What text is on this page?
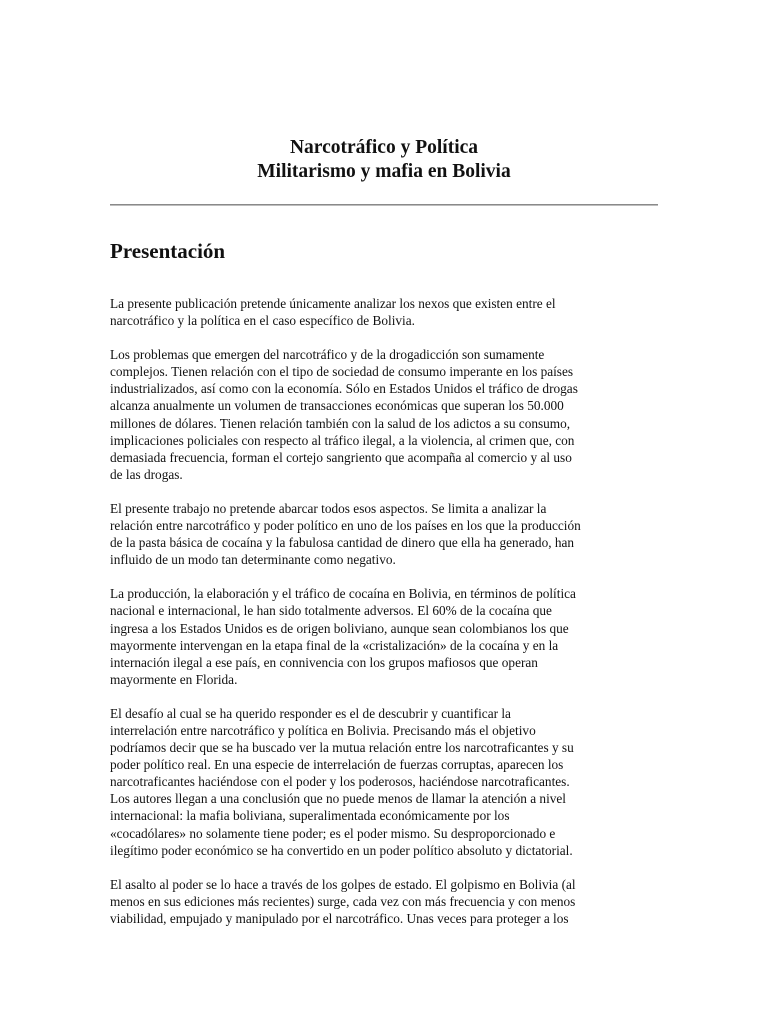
Narcotráfico y Política
Militarismo y mafia en Bolivia
Presentación

La presente publicación pretende únicamente analizar los nexos que existen entre el
narcotráfico y la política en el caso específico de Bolivia.

Los problemas que emergen del narcotráfico y de la drogadicción son sumamente
complejos. Tienen relación con el tipo de sociedad de consumo imperante en los países
industrializados, así como con la economía. Sólo en Estados Unidos el tráfico de drogas
alcanza anualmente un volumen de transacciones económicas que superan los 50.000
millones de dólares. Tienen relación también con la salud de los adictos a su consumo,
implicaciones policiales con respecto al tráfico ilegal, a la violencia, al crimen que, con
demasiada frecuencia, forman el cortejo sangriento que acompaña al comercio y al uso
de las drogas.

El presente trabajo no pretende abarcar todos esos aspectos. Se limita a analizar la
relación entre narcotráfico y poder político en uno de los países en los que la producción
de la pasta básica de cocaína y la fabulosa cantidad de dinero que ella ha generado, han
influido de un modo tan determinante como negativo.

La producción, la elaboración y el tráfico de cocaína en Bolivia, en términos de política
nacional e internacional, le han sido totalmente adversos. El 60% de la cocaína que
ingresa a los Estados Unidos es de origen boliviano, aunque sean colombianos los que
mayormente intervengan en la etapa final de la «cristalización» de la cocaína y en la
internación ilegal a ese país, en connivencia con los grupos mafiosos que operan
mayormente en Florida.

El desafío al cual se ha querido responder es el de descubrir y cuantificar la
interrelación entre narcotráfico y política en Bolivia. Precisando más el objetivo
podríamos decir que se ha buscado ver la mutua relación entre los narcotraficantes y su
poder político real. En una especie de interrelación de fuerzas corruptas, aparecen los
narcotraficantes haciéndose con el poder y los poderosos, haciéndose narcotraficantes.
Los autores llegan a una conclusión que no puede menos de llamar la atención a nivel
internacional: la mafia boliviana, superalimentada económicamente por los
«cocadólares» no solamente tiene poder; es el poder mismo. Su desproporcionado e
ilegítimo poder económico se ha convertido en un poder político absoluto y dictatorial.

El asalto al poder se lo hace a través de los golpes de estado. El golpismo en Bolivia (al
menos en sus ediciones más recientes) surge, cada vez con más frecuencia y con menos
viabilidad, empujado y manipulado por el narcotráfico. Unas veces para proteger a los
